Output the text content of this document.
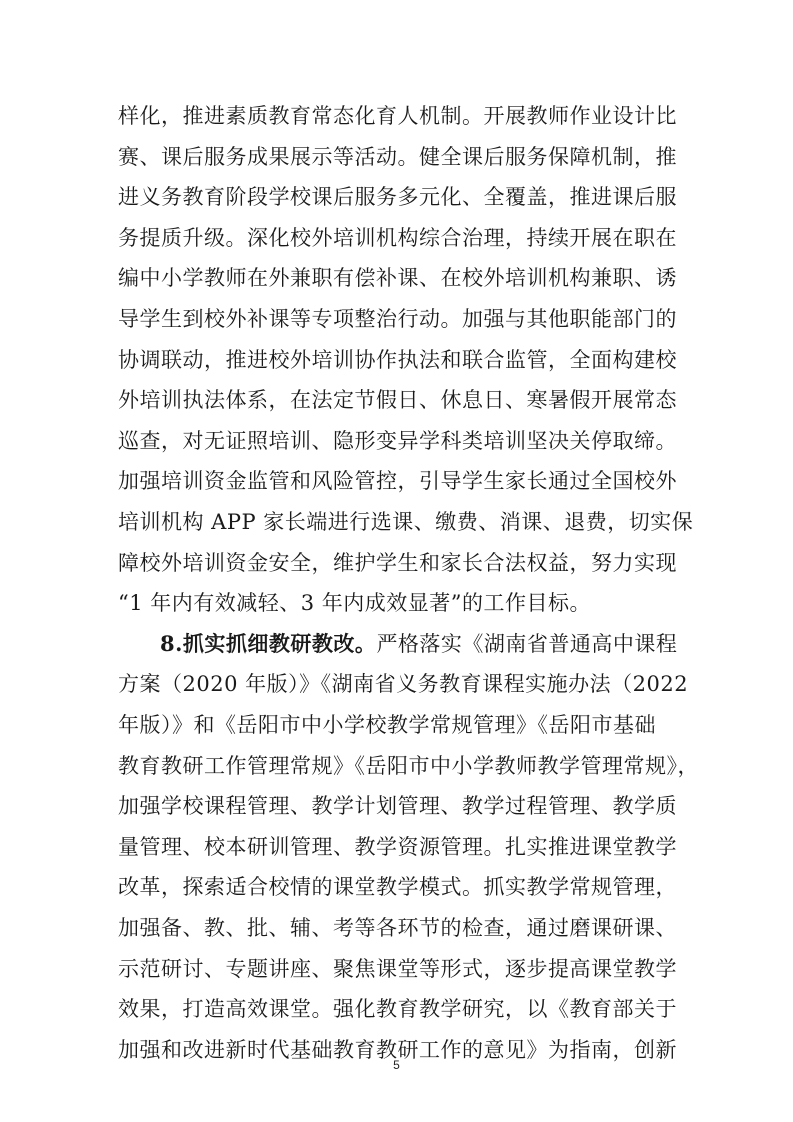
样化，推进素质教育常态化育人机制。开展教师作业设计比
赛、课后服务成果展示等活动。健全课后服务保障机制，推
进义务教育阶段学校课后服务多元化、全覆盖，推进课后服
务提质升级。深化校外培训机构综合治理，持续开展在职在
编中小学教师在外兼职有偿补课、在校外培训机构兼职、诱
导学生到校外补课等专项整治行动。加强与其他职能部门的
协调联动，推进校外培训协作执法和联合监管，全面构建校
外培训执法体系，在法定节假日、休息日、寒暑假开展常态
巡查，对无证照培训、隐形变异学科类培训坚决关停取缔。
加强培训资金监管和风险管控，引导学生家长通过全国校外
培训机构 APP 家长端进行选课、缴费、消课、退费，切实保
障校外培训资金安全，维护学生和家长合法权益，努力实现
“1 年内有效减轻、3 年内成效显著”的工作目标。
8.抓实抓细教研教改。严格落实《湖南省普通高中课程
方案（2020 年版）》《湖南省义务教育课程实施办法（2022
年版）》和《岳阳市中小学校教学常规管理》《岳阳市基础
教育教研工作管理常规》《岳阳市中小学教师教学管理常规》，
加强学校课程管理、教学计划管理、教学过程管理、教学质
量管理、校本研训管理、教学资源管理。扎实推进课堂教学
改革，探索适合校情的课堂教学模式。抓实教学常规管理，
加强备、教、批、辅、考等各环节的检查，通过磨课研课、
示范研讨、专题讲座、聚焦课堂等形式，逐步提高课堂教学
5
效果，打造高效课堂。强化教育教学研究，以《教育部关于
加强和改进新时代基础教育教研工作的意见》为指南，创新
